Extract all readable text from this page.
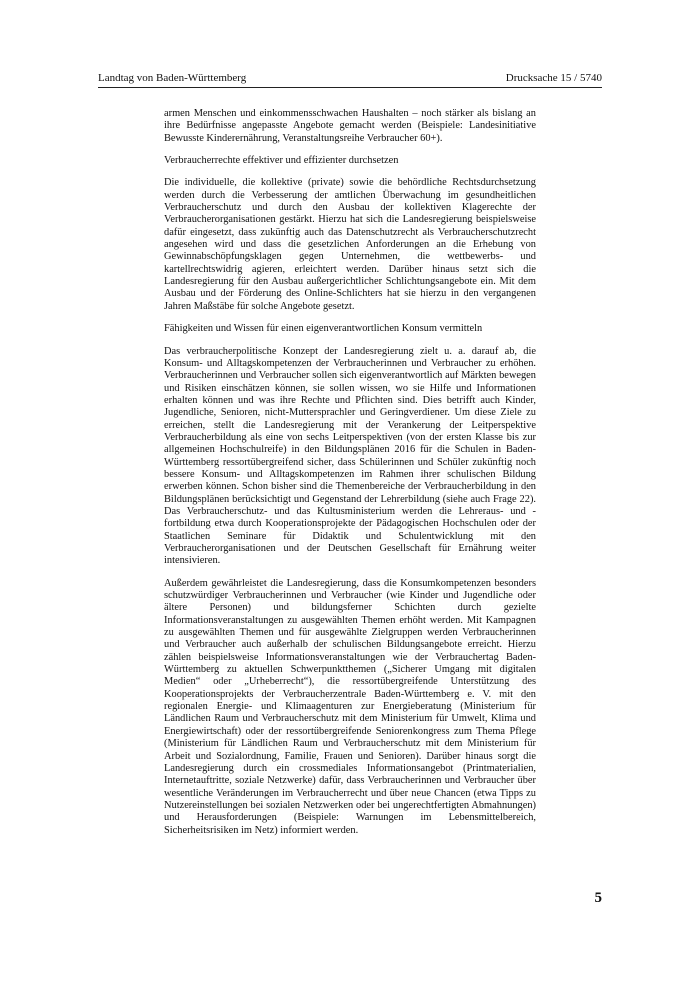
Landtag von Baden-Württemberg	Drucksache 15 / 5740

armen Menschen und einkommensschwachen Haushalten – noch stärker als bislang an ihre Bedürfnisse angepasste Angebote gemacht werden (Beispiele: Landesinitiative Bewusste Kinderernährung, Veranstaltungsreihe Verbraucher 60+).

Verbraucherrechte effektiver und effizienter durchsetzen

Die individuelle, die kollektive (private) sowie die behördliche Rechtsdurchsetzung werden durch die Verbesserung der amtlichen Überwachung im gesundheitlichen Verbraucherschutz und durch den Ausbau der kollektiven Klagerechte der Verbraucherorganisationen gestärkt. Hierzu hat sich die Landesregierung beispielsweise dafür eingesetzt, dass zukünftig auch das Datenschutzrecht als Verbraucherschutzrecht angesehen wird und dass die gesetzlichen Anforderungen an die Erhebung von Gewinnabschöpfungsklagen gegen Unternehmen, die wettbewerbs- und kartellrechtswidrig agieren, erleichtert werden. Darüber hinaus setzt sich die Landesregierung für den Ausbau außergerichtlicher Schlichtungsangebote ein. Mit dem Ausbau und der Förderung des Online-Schlichters hat sie hierzu in den vergangenen Jahren Maßstäbe für solche Angebote gesetzt.

Fähigkeiten und Wissen für einen eigenverantwortlichen Konsum vermitteln

Das verbraucherpolitische Konzept der Landesregierung zielt u. a. darauf ab, die Konsum- und Alltagskompetenzen der Verbraucherinnen und Verbraucher zu erhöhen. Verbraucherinnen und Verbraucher sollen sich eigenverantwortlich auf Märkten bewegen und Risiken einschätzen können, sie sollen wissen, wo sie Hilfe und Informationen erhalten können und was ihre Rechte und Pflichten sind. Dies betrifft auch Kinder, Jugendliche, Senioren, nicht-Muttersprachler und Geringverdiener. Um diese Ziele zu erreichen, stellt die Landesregierung mit der Verankerung der Leitperspektive Verbraucherbildung als eine von sechs Leitperspektiven (von der ersten Klasse bis zur allgemeinen Hochschulreife) in den Bildungsplänen 2016 für die Schulen in Baden-Württemberg ressortübergreifend sicher, dass Schülerinnen und Schüler zukünftig noch bessere Konsum- und Alltagskompetenzen im Rahmen ihrer schulischen Bildung erwerben können. Schon bisher sind die Themenbereiche der Verbraucherbildung in den Bildungsplänen berücksichtigt und Gegenstand der Lehrerbildung (siehe auch Frage 22). Das Verbraucherschutz- und das Kultusministerium werden die Lehreraus- und -fortbildung etwa durch Kooperationsprojekte der Pädagogischen Hochschulen oder der Staatlichen Seminare für Didaktik und Schulentwicklung mit den Verbraucherorganisationen und der Deutschen Gesellschaft für Ernährung weiter intensivieren.

Außerdem gewährleistet die Landesregierung, dass die Konsumkompetenzen besonders schutzwürdiger Verbraucherinnen und Verbraucher (wie Kinder und Jugendliche oder ältere Personen) und bildungsferner Schichten durch gezielte Informationsveranstaltungen zu ausgewählten Themen erhöht werden. Mit Kampagnen zu ausgewählten Themen und für ausgewählte Zielgruppen werden Verbraucherinnen und Verbraucher auch außerhalb der schulischen Bildungsangebote erreicht. Hierzu zählen beispielsweise Informationsveranstaltungen wie der Verbrauchertag Baden-Württemberg zu aktuellen Schwerpunktthemen („Sicherer Umgang mit digitalen Medien“ oder „Urheberrecht“), die ressortübergreifende Unterstützung des Kooperationsprojekts der Verbraucherzentrale Baden-Württemberg e. V. mit den regionalen Energie- und Klimaagenturen zur Energieberatung (Ministerium für Ländlichen Raum und Verbraucherschutz mit dem Ministerium für Umwelt, Klima und Energiewirtschaft) oder der ressortübergreifende Seniorenkongress zum Thema Pflege (Ministerium für Ländlichen Raum und Verbraucherschutz mit dem Ministerium für Arbeit und Sozialordnung, Familie, Frauen und Senioren). Darüber hinaus sorgt die Landesregierung durch ein crossmediales Informationsangebot (Printmaterialien, Internetauftritte, soziale Netzwerke) dafür, dass Verbraucherinnen und Verbraucher über wesentliche Veränderungen im Verbraucherrecht und über neue Chancen (etwa Tipps zu Nutzereinstellungen bei sozialen Netzwerken oder bei ungerechtfertigten Abmahnungen) und Herausforderungen (Beispiele: Warnungen im Lebensmittelbereich, Sicherheitsrisiken im Netz) informiert werden.

5
